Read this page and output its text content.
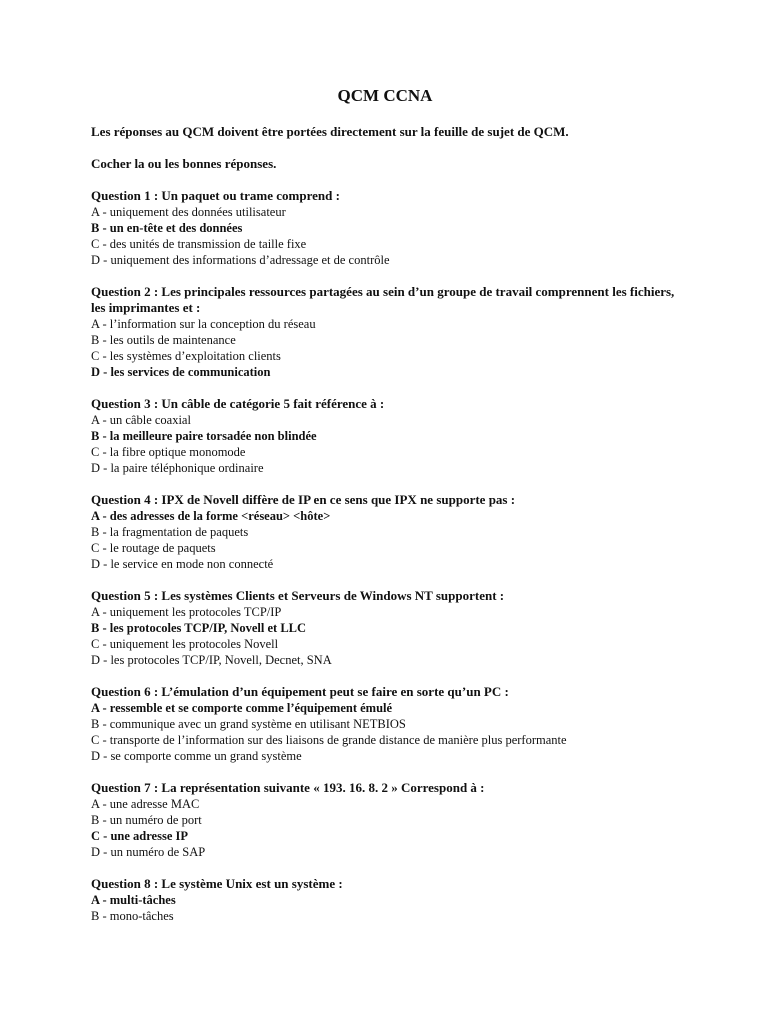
QCM CCNA

Les réponses au QCM doivent être portées directement sur la feuille de sujet de QCM.

Cocher la ou les bonnes réponses.

Question 1 : Un paquet ou trame comprend :

A - uniquement des données utilisateur

B - un en-tête et des données

C - des unités de transmission de taille fixe

D - uniquement des informations d’adressage et de contrôle

Question 2 : Les principales ressources partagées au sein d’un groupe de travail comprennent les fichiers, les imprimantes et :

A - l’information sur la conception du réseau

B - les outils de maintenance

C - les systèmes d’exploitation clients

D - les services de communication

Question 3 : Un câble de catégorie 5 fait référence à :

A - un câble coaxial

B - la meilleure paire torsadée non blindée

C - la fibre optique monomode

D - la paire téléphonique ordinaire

Question 4 : IPX de Novell diffère de IP en ce sens que IPX ne supporte pas :

A - des adresses de la forme <réseau> <hôte>

B - la fragmentation de paquets

C - le routage de paquets

D - le service en mode non connecté

Question 5 : Les systèmes Clients et Serveurs de Windows NT supportent :

A - uniquement les protocoles TCP/IP

B - les protocoles TCP/IP, Novell et LLC

C - uniquement les protocoles Novell

D - les protocoles TCP/IP, Novell, Decnet, SNA

Question 6 : L’émulation d’un équipement peut se faire en sorte qu’un PC :

A - ressemble et se comporte comme l’équipement émulé

B - communique avec un grand système en utilisant NETBIOS

C - transporte de l’information sur des liaisons de grande distance de manière plus performante

D - se comporte comme un grand système

Question 7 : La représentation suivante « 193. 16. 8. 2 » Correspond à :

A - une adresse MAC

B - un numéro de port

C - une adresse IP

D - un numéro de SAP

Question 8 : Le système Unix est un système :

A - multi-tâches

B - mono-tâches
